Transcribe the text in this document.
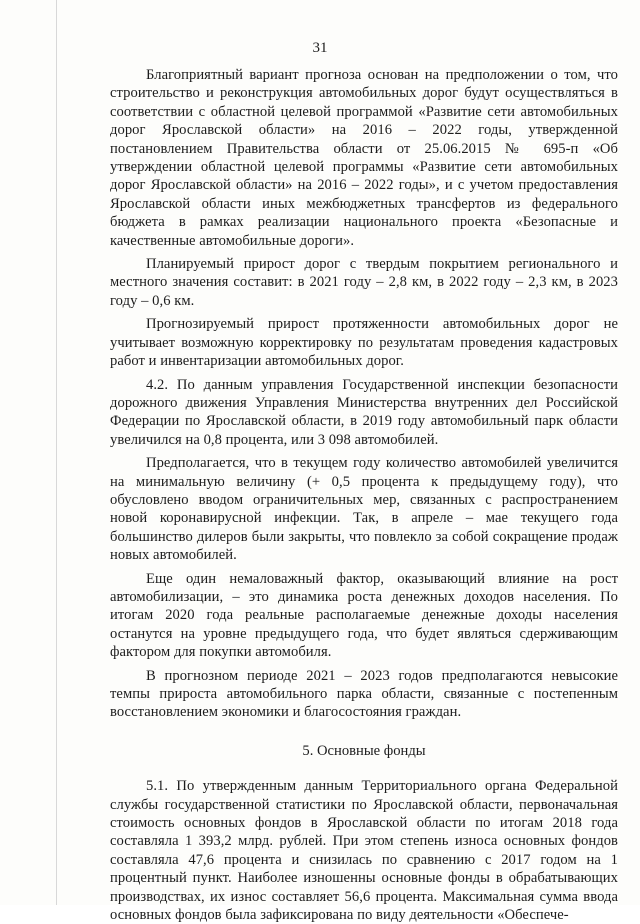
31

Благоприятный вариант прогноза основан на предположении о том, что строительство и реконструкция автомобильных дорог будут осуществляться в соответствии с областной целевой программой «Развитие сети автомобильных дорог Ярославской области» на 2016 – 2022 годы, утвержденной постановлением Правительства области от 25.06.2015 № 695-п «Об утверждении областной целевой программы «Развитие сети автомобильных дорог Ярославской области» на 2016 – 2022 годы», и с учетом предоставления Ярославской области иных межбюджетных трансфертов из федерального бюджета в рамках реализации национального проекта «Безопасные и качественные автомобильные дороги».

Планируемый прирост дорог с твердым покрытием регионального и местного значения составит: в 2021 году – 2,8 км, в 2022 году – 2,3 км, в 2023 году – 0,6 км.

Прогнозируемый прирост протяженности автомобильных дорог не учитывает возможную корректировку по результатам проведения кадастровых работ и инвентаризации автомобильных дорог.

4.2. По данным управления Государственной инспекции безопасности дорожного движения Управления Министерства внутренних дел Российской Федерации по Ярославской области, в 2019 году автомобильный парк области увеличился на 0,8 процента, или 3 098 автомобилей.

Предполагается, что в текущем году количество автомобилей увеличится на минимальную величину (+ 0,5 процента к предыдущему году), что обусловлено вводом ограничительных мер, связанных с распространением новой коронавирусной инфекции. Так, в апреле – мае текущего года большинство дилеров были закрыты, что повлекло за собой сокращение продаж новых автомобилей.

Еще один немаловажный фактор, оказывающий влияние на рост автомобилизации, – это динамика роста денежных доходов населения. По итогам 2020 года реальные располагаемые денежные доходы населения останутся на уровне предыдущего года, что будет являться сдерживающим фактором для покупки автомобиля.

В прогнозном периоде 2021 – 2023 годов предполагаются невысокие темпы прироста автомобильного парка области, связанные с постепенным восстановлением экономики и благосостояния граждан.

5. Основные фонды

5.1. По утвержденным данным Территориального органа Федеральной службы государственной статистики по Ярославской области, первоначальная стоимость основных фондов в Ярославской области по итогам 2018 года составляла 1 393,2 млрд. рублей. При этом степень износа основных фондов составляла 47,6 процента и снизилась по сравнению с 2017 годом на 1 процентный пункт. Наиболее изношенны основные фонды в обрабатывающих производствах, их износ составляет 56,6 процента. Максимальная сумма ввода основных фондов была зафиксирована по виду деятельности «Обеспече-
